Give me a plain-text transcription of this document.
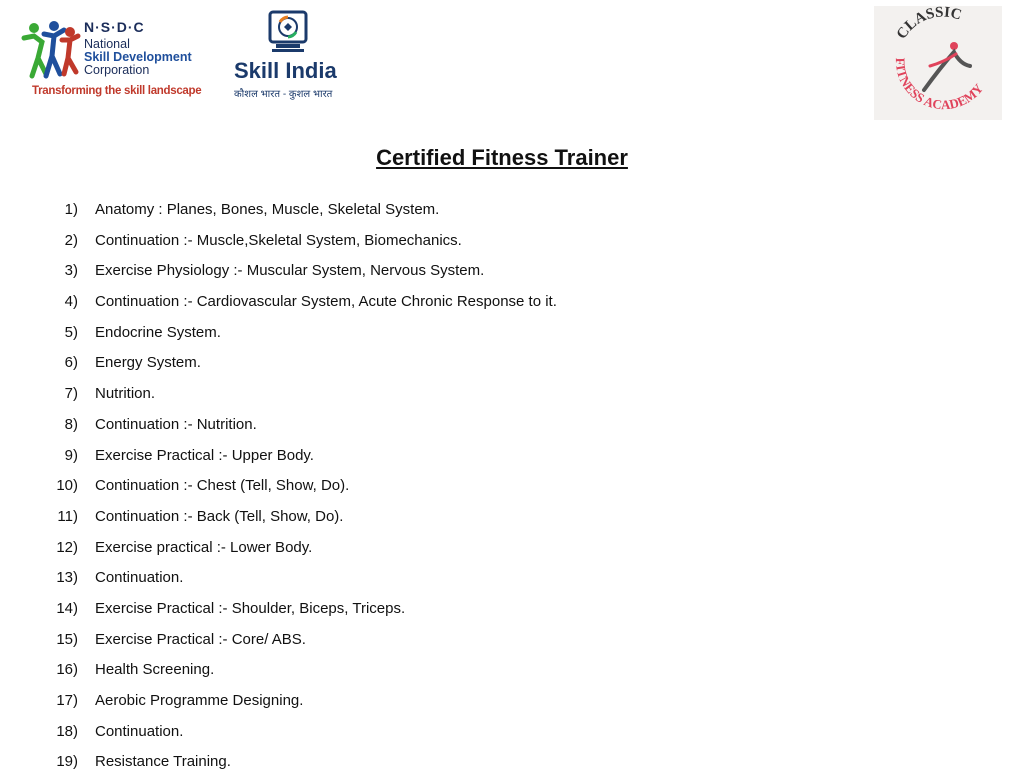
N·S·D·C
National
Skill Development
Corporation
Transforming the skill landscape
Skill India
कौशल भारत - कुशल भारत
CLASSIC
FITNESS ACADEMY
Certified Fitness Trainer
1)	Anatomy : Planes, Bones, Muscle, Skeletal System.
2)	Continuation :- Muscle,Skeletal System, Biomechanics.
3)	Exercise Physiology :- Muscular System, Nervous System.
4)	Continuation :- Cardiovascular System, Acute Chronic Response to it.
5)	Endocrine System.
6)	Energy System.
7)	Nutrition.
8)	Continuation :- Nutrition.
9)	Exercise Practical :- Upper Body.
10)	Continuation :- Chest (Tell, Show, Do).
11)	Continuation :- Back (Tell, Show, Do).
12)	Exercise practical :- Lower Body.
13)	Continuation.
14)	Exercise Practical :- Shoulder, Biceps, Triceps.
15)	Exercise Practical :- Core/ ABS.
16)	Health Screening.
17)	Aerobic Programme Designing.
18)	Continuation.
19)	Resistance Training.
